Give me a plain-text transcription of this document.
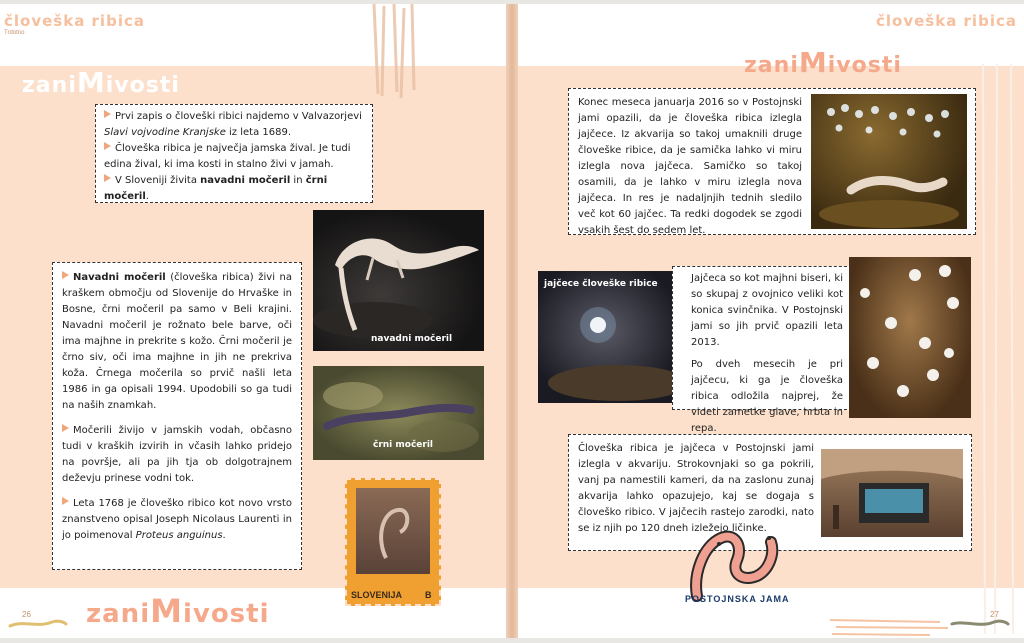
človeška ribica
Trdotno
človeška ribica
zaniMivosti
zaniMivosti
zaniMivosti

Prvi zapis o človeški ribici najdemo v Valvazorjevi Slavi vojvodine Kranjske iz leta 1689.

Človeška ribica je največja jamska žival. Je tudi edina žival, ki ima kosti in stalno živi v jamah.

V Sloveniji živita navadni močeril in črni močeril.

Navadni močeril (človeška ribica) živi na kraškem območju od Slovenije do Hrvaške in Bosne, črni močeril pa samo v Beli krajini. Navadni močeril je rožnato bele barve, oči ima majhne in prekrite s kožo. Črni močeril je črno siv, oči ima majhne in jih ne prekriva koža. Črnega močerila so prvič našli leta 1986 in ga opisali 1994. Upodobili so ga tudi na naših znamkah.

Močerili živijo v jamskih vodah, občasno tudi v kraških izvirih in včasih lahko pridejo na površje, ali pa jih tja ob dolgotrajnem deževju prinese vodni tok.

Leta 1768 je človeško ribico kot novo vrsto znanstveno opisal Joseph Nicolaus Laurenti in jo poimenoval Proteus anguinus.

navadni močeril
črni močeril
SLOVENIJA	B
Konec meseca januarja 2016 so v Postojnski jami opazili, da je človeška ribica izlegla jajčece. Iz akvarija so takoj umaknili druge človeške ribice, da je samička lahko vi miru izlegla nova jajčeca. Samičko so takoj osamili, da je lahko v miru izlegla nova jajčeca. In res je nadaljnjih tednih sledilo več kot 60 jajčec. Ta redki dogodek se zgodi vsakih šest do sedem let.
jajčece človeške ribice	Jajčeca so kot majhni biseri, ki so skupaj z ovojnico veliki kot konica svinčnika. V Postojnski jami so jih prvič opazili leta 2013.

Po dveh mesecih je pri jajčecu, ki ga je človeška ribica odložila najprej, že videti zametke glave, hrbta in repa.

Človeška ribica je jajčeca v Postojnski jami izlegla v akvariju. Strokovnjaki so ga pokrili, vanj pa namestili kameri, da na zaslonu zunaj akvarija lahko opazujejo, kaj se dogaja s človeško ribico. V jajčecih rastejo zarodki, nato se iz njih po 120 dneh izležejo ličinke.
POSTOJNSKA JAMA
26	27
